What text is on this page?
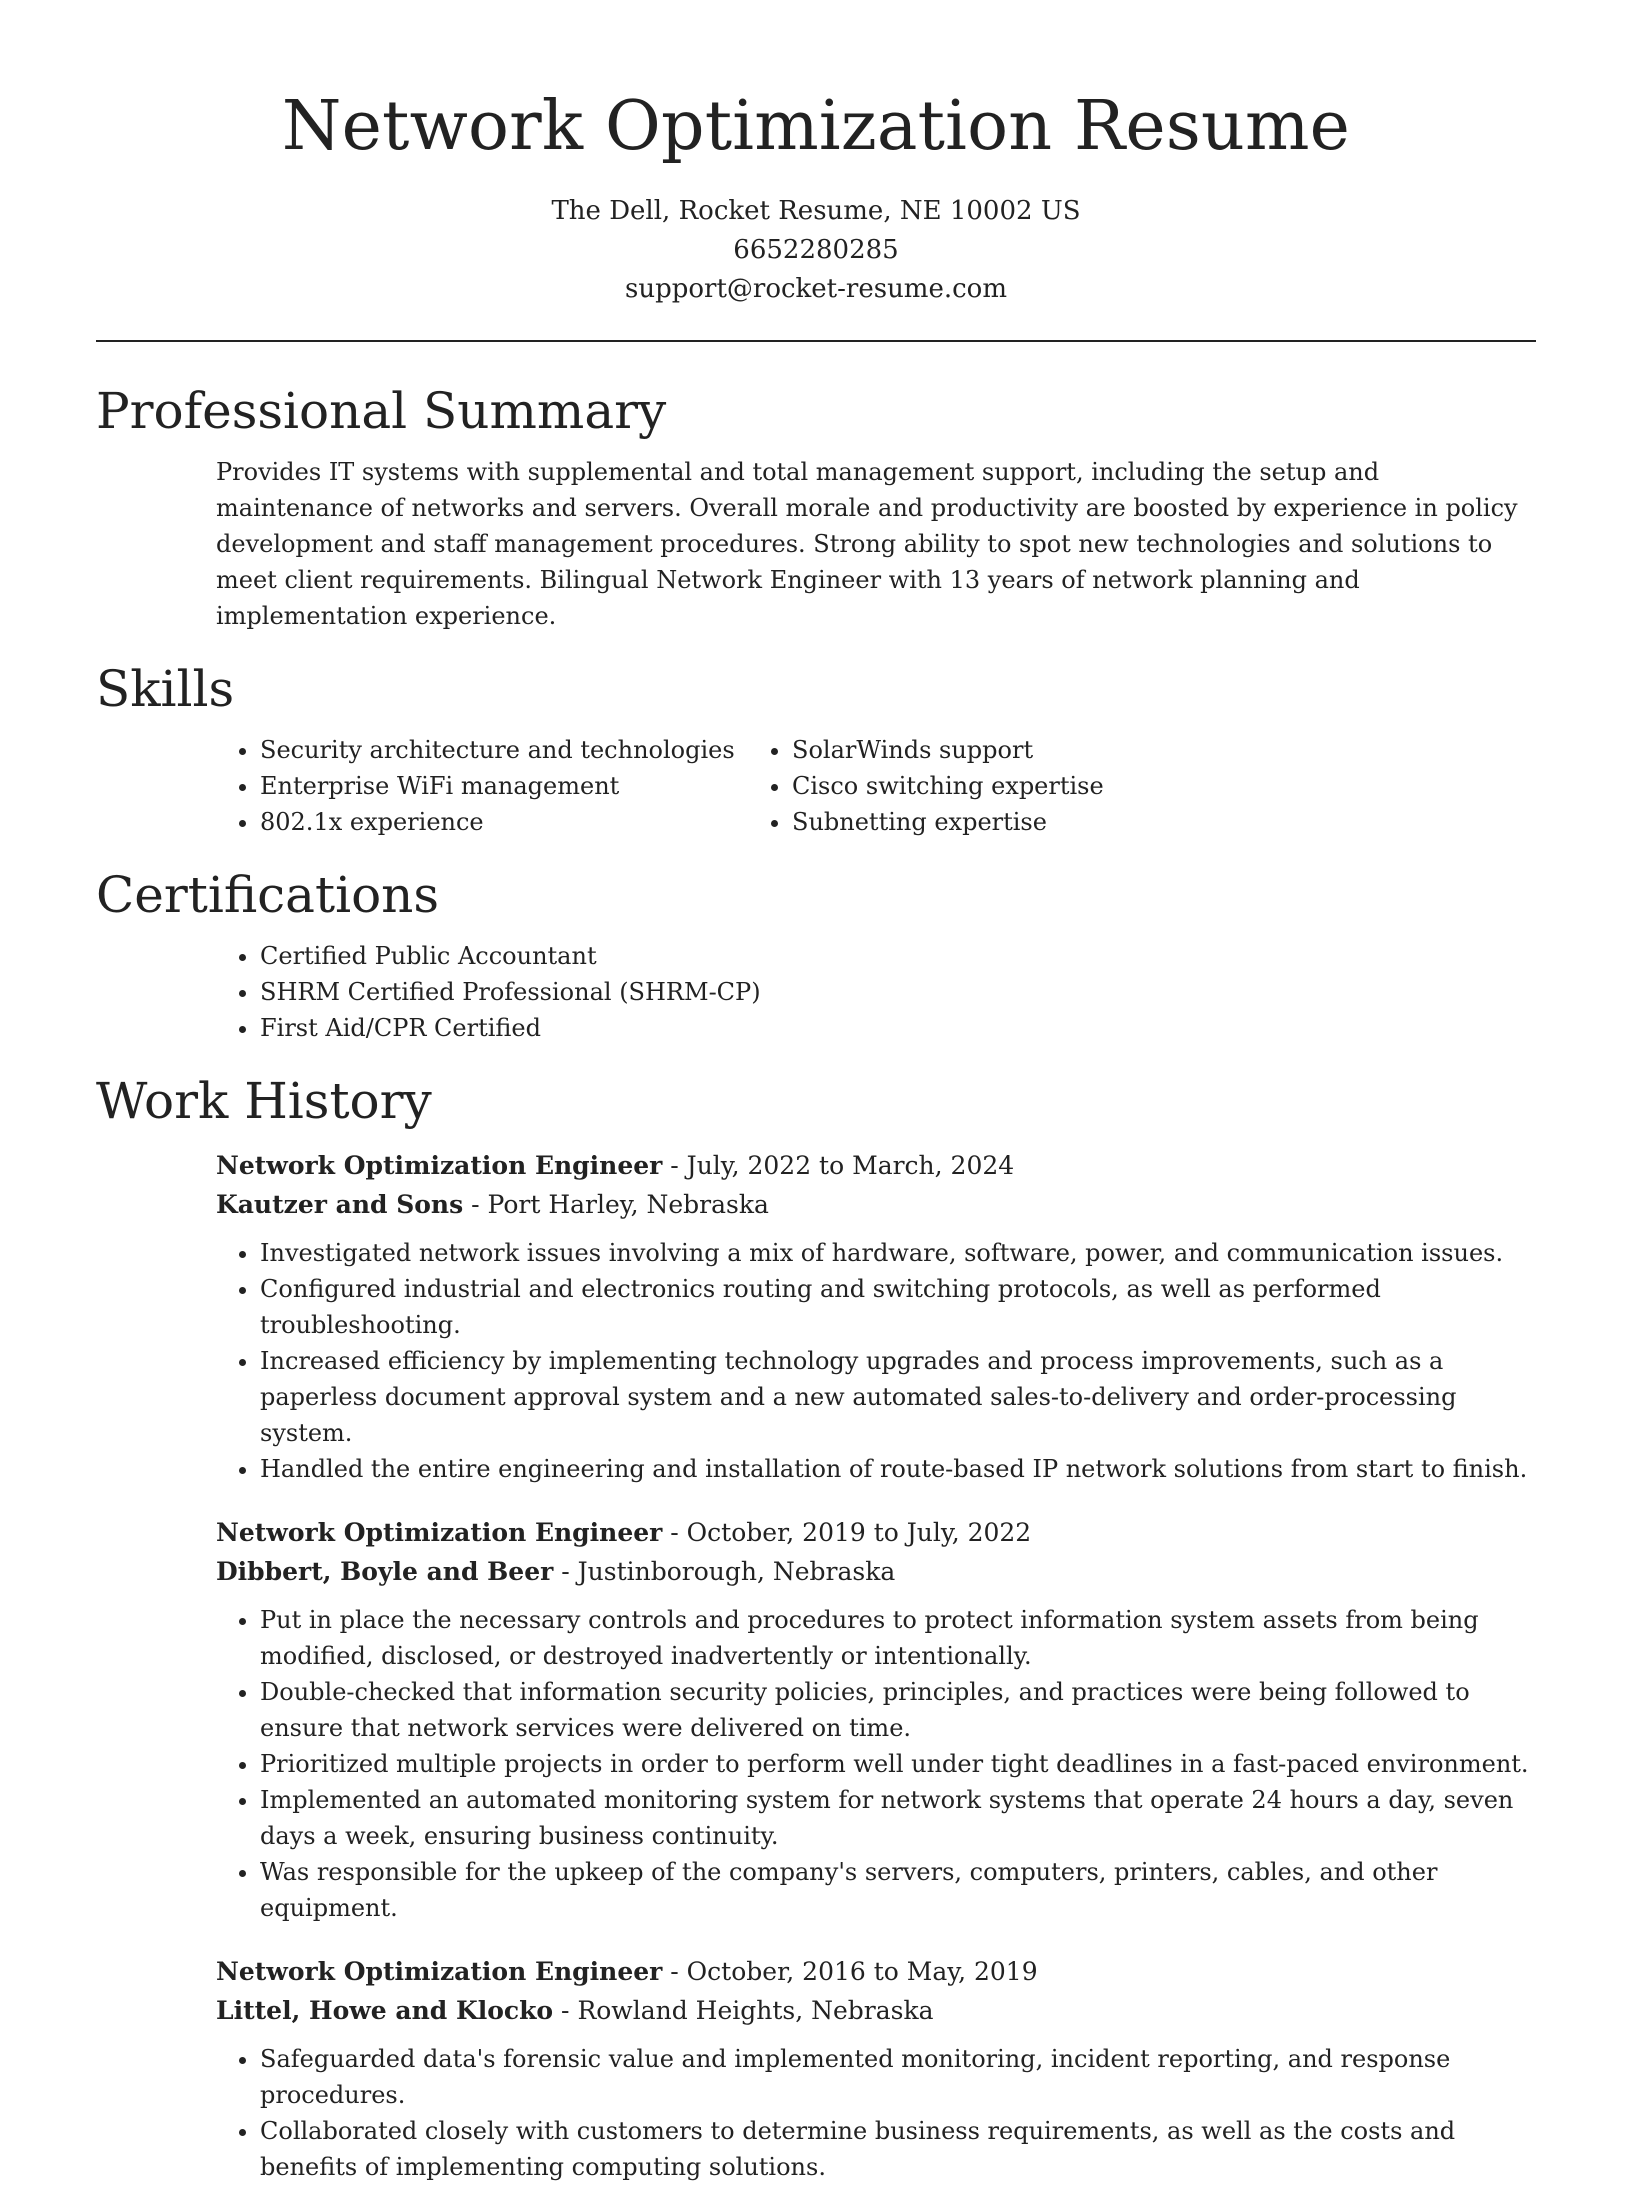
Network Optimization Resume
The Dell, Rocket Resume, NE 10002 US
6652280285
support@rocket-resume.com
Professional Summary

Provides IT systems with supplemental and total management support, including the setup and maintenance of networks and servers. Overall morale and productivity are boosted by experience in policy development and staff management procedures. Strong ability to spot new technologies and solutions to meet client requirements. Bilingual Network Engineer with 13 years of network planning and implementation experience.

Skills
• Security architecture and technologies
• Enterprise WiFi management
• 802.1x experience
• SolarWinds support
• Cisco switching expertise
• Subnetting expertise
Certifications
• Certified Public Accountant
• SHRM Certified Professional (SHRM-CP)
• First Aid/CPR Certified
Work History
Network Optimization Engineer - July, 2022 to March, 2024
Kautzer and Sons - Port Harley, Nebraska
• Investigated network issues involving a mix of hardware, software, power, and communication issues.
• Configured industrial and electronics routing and switching protocols, as well as performed troubleshooting.
• Increased efficiency by implementing technology upgrades and process improvements, such as a paperless document approval system and a new automated sales-to-delivery and order-processing system.
• Handled the entire engineering and installation of route-based IP network solutions from start to finish.
Network Optimization Engineer - October, 2019 to July, 2022
Dibbert, Boyle and Beer - Justinborough, Nebraska
• Put in place the necessary controls and procedures to protect information system assets from being modified, disclosed, or destroyed inadvertently or intentionally.
• Double-checked that information security policies, principles, and practices were being followed to ensure that network services were delivered on time.
• Prioritized multiple projects in order to perform well under tight deadlines in a fast-paced environment.
• Implemented an automated monitoring system for network systems that operate 24 hours a day, seven days a week, ensuring business continuity.
• Was responsible for the upkeep of the company's servers, computers, printers, cables, and other equipment.
Network Optimization Engineer - October, 2016 to May, 2019
Littel, Howe and Klocko - Rowland Heights, Nebraska
• Safeguarded data's forensic value and implemented monitoring, incident reporting, and response procedures.
• Collaborated closely with customers to determine business requirements, as well as the costs and benefits of implementing computing solutions.
